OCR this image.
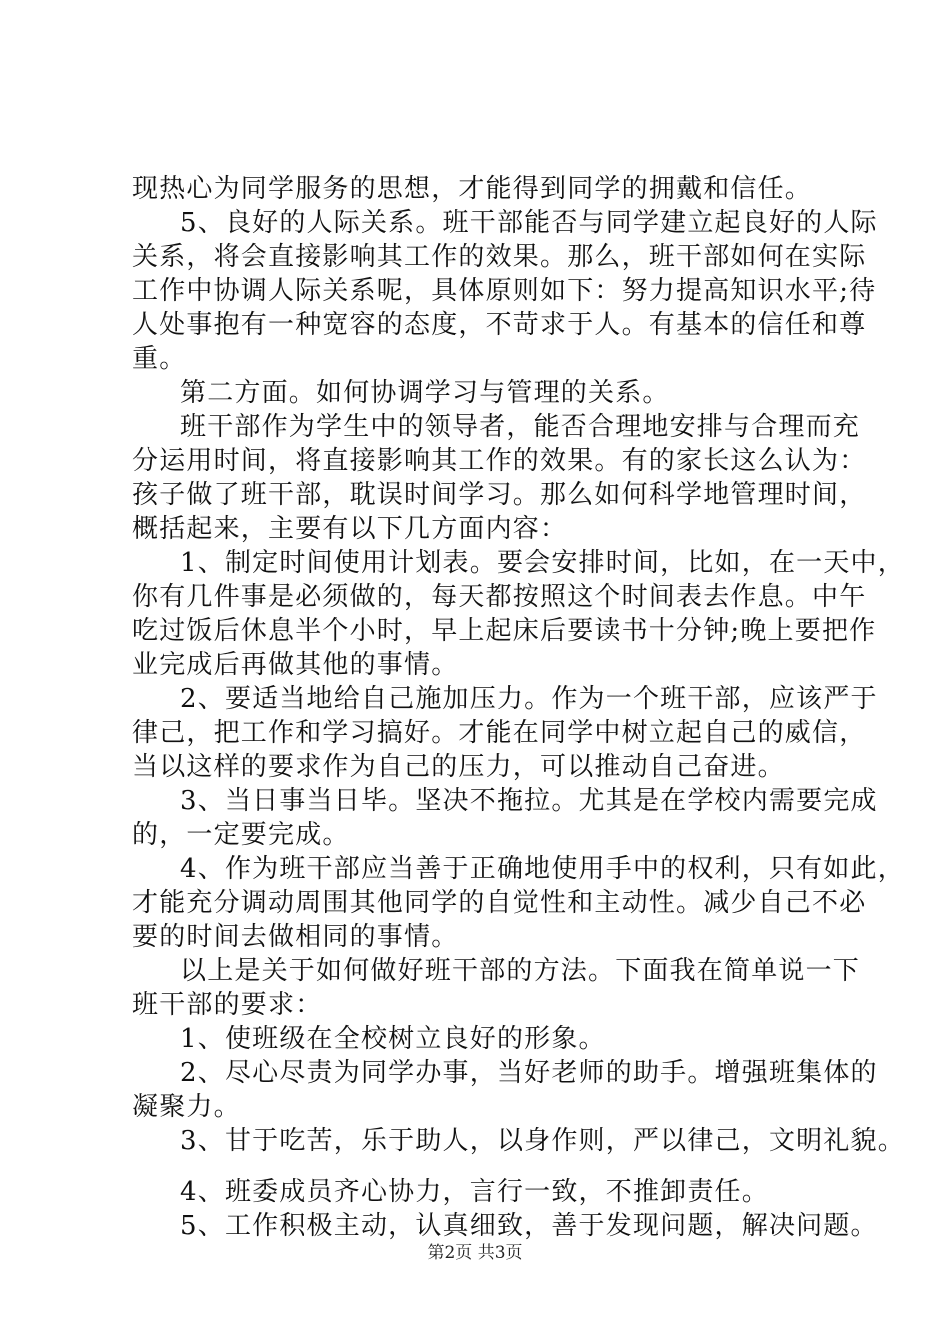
现热心为同学服务的思想，才能得到同学的拥戴和信任。
5、良好的人际关系。班干部能否与同学建立起良好的人际
关系，将会直接影响其工作的效果。那么，班干部如何在实际
工作中协调人际关系呢，具体原则如下：努力提高知识水平;待
人处事抱有一种宽容的态度，不苛求于人。有基本的信任和尊
重。
第二方面。如何协调学习与管理的关系。
班干部作为学生中的领导者，能否合理地安排与合理而充
分运用时间，将直接影响其工作的效果。有的家长这么认为：
孩子做了班干部，耽误时间学习。那么如何科学地管理时间，
概括起来，主要有以下几方面内容：
1、制定时间使用计划表。要会安排时间，比如，在一天中，
你有几件事是必须做的，每天都按照这个时间表去作息。中午
吃过饭后休息半个小时，早上起床后要读书十分钟;晚上要把作
业完成后再做其他的事情。
2、要适当地给自己施加压力。作为一个班干部，应该严于
律己，把工作和学习搞好。才能在同学中树立起自己的威信，
当以这样的要求作为自己的压力，可以推动自己奋进。
3、当日事当日毕。坚决不拖拉。尤其是在学校内需要完成
的，一定要完成。
4、作为班干部应当善于正确地使用手中的权利，只有如此，
才能充分调动周围其他同学的自觉性和主动性。减少自己不必
要的时间去做相同的事情。
以上是关于如何做好班干部的方法。下面我在简单说一下
班干部的要求：
1、使班级在全校树立良好的形象。
2、尽心尽责为同学办事，当好老师的助手。增强班集体的
凝聚力。
3、甘于吃苦，乐于助人，以身作则，严以律己，文明礼貌。
4、班委成员齐心协力，言行一致，不推卸责任。
5、工作积极主动，认真细致，善于发现问题，解决问题。
第2页 共3页
